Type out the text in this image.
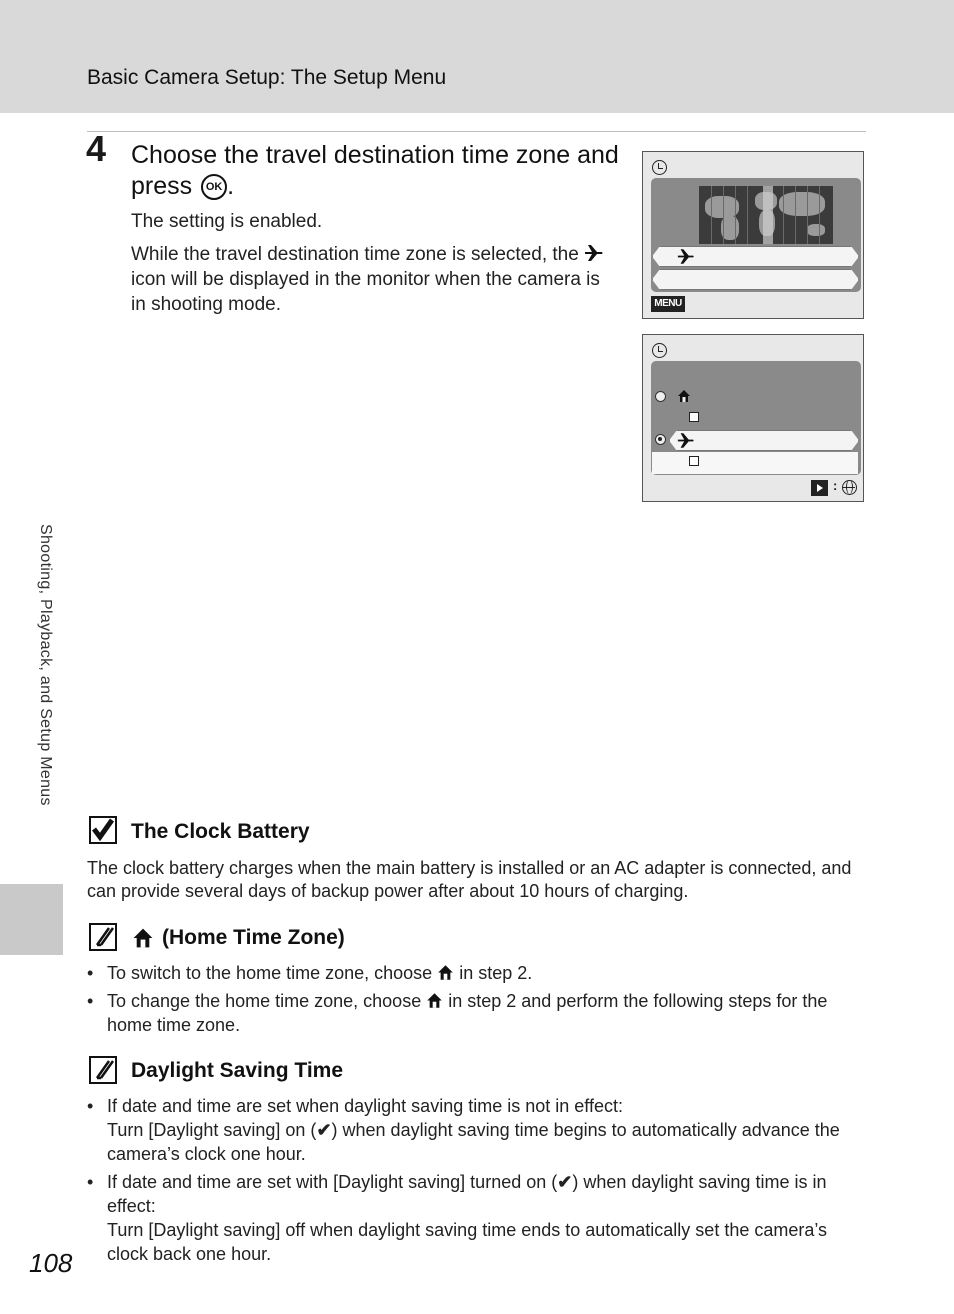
Basic Camera Setup: The Setup Menu
4 Choose the travel destination time zone and press OK .
The setting is enabled.
While the travel destination time zone is selected, the  icon will be displayed in the monitor when the camera is in shooting mode.	MENU
:
Shooting, Playback, and Setup Menus
The Clock Battery
The clock battery charges when the main battery is installed or an AC adapter is connected, and can provide several days of backup power after about 10 hours of charging.
(Home Time Zone)
• To switch to the home time zone, choose in step 2.
• To change the home time zone, choose in step 2 and perform the following steps for the home time zone.
Daylight Saving Time
• If date and time are set when daylight saving time is not in effect:
Turn [Daylight saving] on (✔) when daylight saving time begins to automatically advance the camera’s clock one hour.
• If date and time are set with [Daylight saving] turned on (✔) when daylight saving time is in effect:
Turn [Daylight saving] off when daylight saving time ends to automatically set the camera’s clock back one hour.
108
